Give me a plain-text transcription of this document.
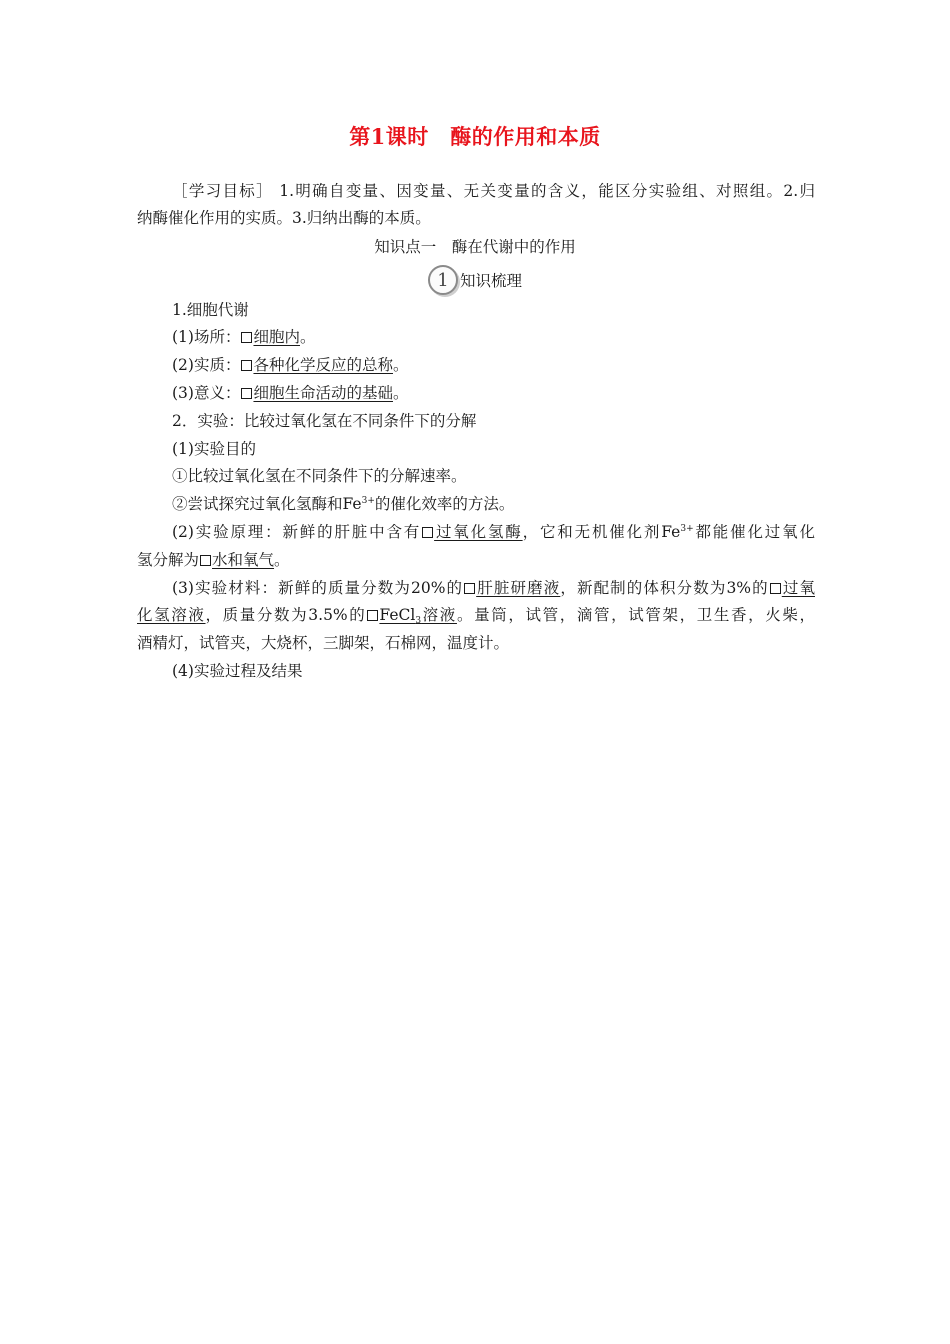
第1课时　酶的作用和本质
［学习目标］ 1.明确自变量、因变量、无关变量的含义，能区分实验组、对照组。2.归
纳酶催化作用的实质。3.归纳出酶的本质。
知识点一　酶在代谢中的作用
1 知识梳理
1.细胞代谢
(1)场所： 细胞内。
(2)实质： 各种化学反应的总称。
(3)意义： 细胞生命活动的基础。
2．实验：比较过氧化氢在不同条件下的分解
(1)实验目的
①比较过氧化氢在不同条件下的分解速率。
②尝试探究过氧化氢酶和$Fe^{3+}$的催化效率的方法。
(2)实验原理：新鲜的肝脏中含有 过氧化氢酶，它和无机催化剂$Fe^{3+}$都能催化过氧化
氢分解为 水和氧气。
(3)实验材料：新鲜的质量分数为20%的 肝脏研磨液，新配制的体积分数为3%的 过氧
化氢溶液，质量分数为3.5%的 FeCl$_3$溶液。量筒，试管，滴管，试管架，卫生香，火柴，
酒精灯，试管夹，大烧杯，三脚架，石棉网，温度计。
(4)实验过程及结果
